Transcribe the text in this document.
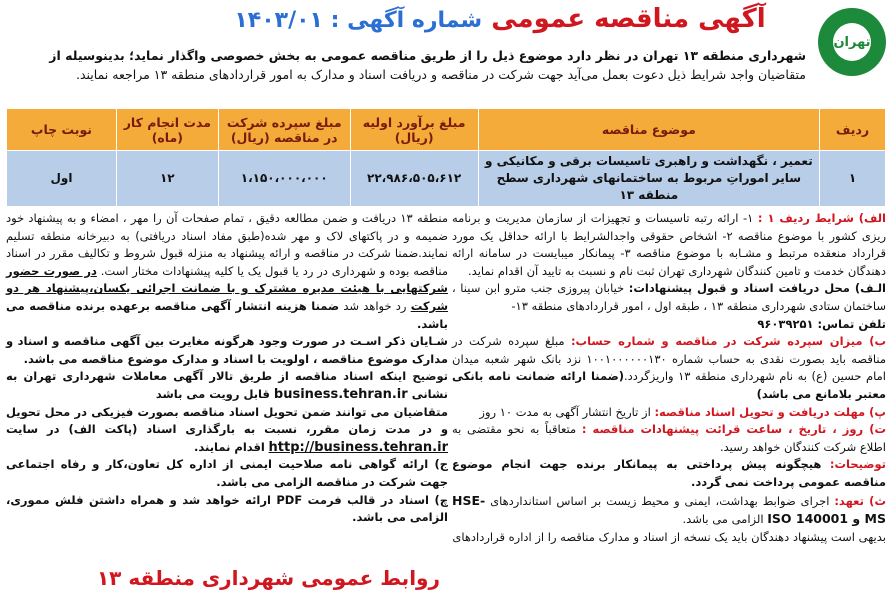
تهران
آگهی مناقصه عمومی شماره آگهی : ۱۴۰۳/۰۱
شهرداری منطقه ۱۳ تهران در نظر دارد موضوع ذیل را از طریق مناقصه عمومی به بخش خصوصی واگذار نماید؛ بدینوسیله از
متقاضیان واجد شرایط ذیل دعوت بعمل می‌آید جهت شرکت در مناقصه و دریافت اسناد و مدارک به امور قراردادهای منطقه ۱۳ مراجعه نمایند.
ردیف	موضوع مناقصه	مبلغ برآورد اولیه (ریال)	مبلغ سپرده شرکت در مناقصه (ریال)	مدت انجام کار (ماه)	نوبت چاپ
۱	تعمیر ، نگهداشت و راهبری تاسیسات برقی و مکانیکی و
سایر اموراتِ مربوط به ساختمانهای شهرداری سطح منطقه ۱۳	۲۲،۹۸۶،۵۰۵،۶۱۲	۱،۱۵۰،۰۰۰،۰۰۰	۱۲	اول

الف) شرایط ردیف ۱ : ۱- ارائه رتبه تاسیسات و تجهیزات از سازمان مدیریت و برنامه ریزی کشور با موضوع مناقصه ۲- اشخاص حقوقی واجدالشرایط با ارائه حداقل یک مورد قرارداد منعقده مرتبط و مشـابه با موضوع مناقصه ۳- پیمانکار میبایست در سامانه ارائه دهندگان خدمت و تامین کنندگان شهرداری تهران ثبت نام و نسبت به تایید آن اقدام نماید.

الـف) محل دریافت اسناد و قبول پیشنهادات: خیابان پیروزی جنب مترو ابن سینا ، ساختمان ستادی شهرداری منطقه ۱۳ ، طبقه اول ، امور قراردادهای منطقه ۱۳-

تلفن تماس: ۹۶۰۳۹۲۵۱

ب) میزان سپرده شرکت در مناقصه و شماره حساب: مبلغ سپرده شرکت در مناقصه باید بصورت نقدی به حساب شماره ۱۰۰۱۰۰۰۰۰۰۱۳۰ نزد بانک شهر شعبه میدان امام حسین (ع) به نام شهرداری منطقه ۱۳ واریزگردد.(ضمنا ارائه ضمانت نامه بانکی معتبر بلامانع می باشد)

پ) مهلت دریافت و تحویل اسناد مناقصه: از تاریخ انتشار آگهی به مدت ۱۰ روز

ت) روز ، تاریخ ، ساعت قرائت پیشنهادات مناقصه : متعاقباً به نحو مقتضی به اطلاع شرکت کنندگان خواهد رسید.

توضیحات: هیچگونه پیش پرداختی به پیمانکار برنده جهت انجام موضوع مناقصه عمومی پرداخت نمی گردد.

ث) تعهد: اجرای ضوابط بهداشت، ایمنی و محیط زیست بر اساس استانداردهای HSE-MS و ISO 140001 الزامی می باشد.

بدیهی است پیشنهاد دهندگان باید یک نسخه از اسناد و مدارک مناقصه را از اداره قراردادهای

منطقه ۱۳ دریافت و ضمن مطالعه دقیق ، تمام صفحات آن را مهر ، امضاء و به پیشنهاد خود ضمیمه و در پاکتهای لاک و مهر شده(طبق مفاد اسناد دریافتی) به دبیرخانه منطقه تسلیم نمایند.ضمنا شرکت در مناقصه و ارائه پیشنهاد به منزله قبول شروط و تکالیف مقرر در اسناد مناقصه بوده و شهرداری در رد یا قبول یک یا کلیه پیشنهادات مختار است. در صورت حضور شرکتهایی با هیئت مدیره مشترک و با ضمانت اجرائی یکسان،پیشنهاد هر دو شرکت رد خواهد شد ضمنا هزینه انتشار آگهی مناقصه برعهده برنده مناقصه می باشد.

شـایان ذکر اسـت در صورت وجود هرگونه مغایرت بین آگهی مناقصه و اسناد و مدارک موضوع مناقصه ، اولویت با اسناد و مدارک موضوع مناقصه می باشد.

توضیح اینکه اسناد مناقصه از طریق تالار آگهی معاملات شهرداری تهران به نشانی business.tehran.ir قابل رویت می باشد

متقاضیان می توانند ضمن تحویل اسناد مناقصه بصورت فیزیکی در محل تحویل و در مدت زمان مقرر، نسبت به بارگذاری اسناد (پاکت الف) در سایت http://business.tehran.ir اقدام نمایند.

ج) ارائه گواهی نامه صلاحیت ایمنی از اداره کل تعاون،کار و رفاه اجتماعی جهت شرکت در مناقصه الزامی می باشد.

چ) اسناد در قالب فرمت PDF ارائه خواهد شد و همراه داشتن فلش مموری، الزامی می باشد.

روابط عمومی شهرداری منطقه ۱۳
